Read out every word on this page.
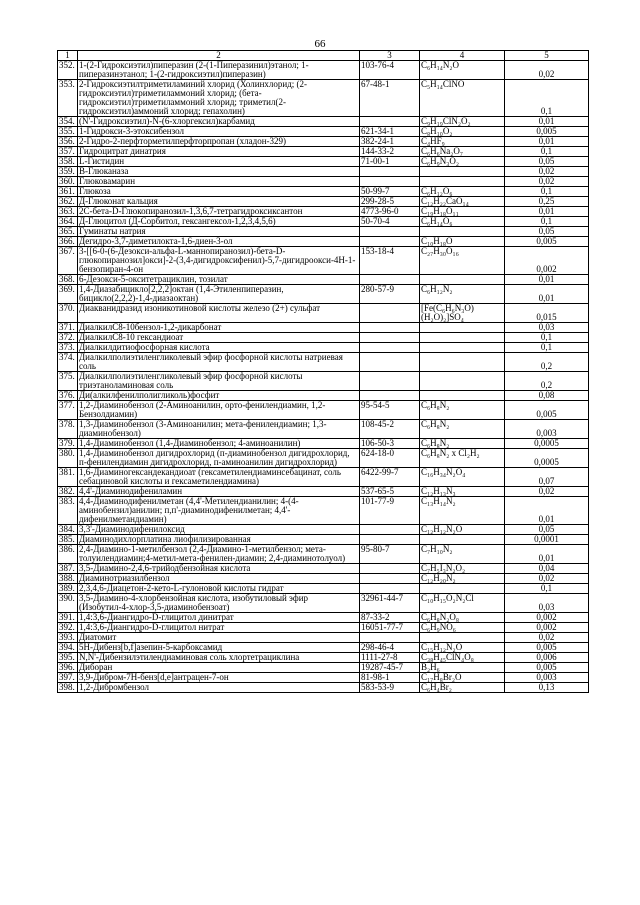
66
1	2	3	4	5
352.	1-(2-Гидроксиэтил)пиперазин (2-(1-Пиперазинил)этанол; 1-пиперазинэтанол; 1-(2-гидроксиэтил)пиперазин)	103-76-4	C₆H₁₄N₂O	0,02
353.	2-Гидроксиэтилтриметиламиний хлорид (Холинхлорид; (2-гидроксиэтил)триметиламмоний хлорид; (бета-гидроксиэтил)триметиламмоний хлорид; триметил(2-гидроксиэтил)аммоний хлорид; гепахолин)	67-48-1	C₅H₁₄ClNO	0,1
354.	(N'-Гидроксиэтил)-N-(6-хлоргексил)карбамид		C₉H₁₉ClN₂O₂	0,01
355.	1-Гидрокси-3-этоксибензол	621-34-1	C₈H₁₀O₂	0,005
356.	2-Гидро-2-перфторметилперфторпропан (хладон-329)	382-24-1	C₄HF₉	0,01
357.	Гидроцитрат динатрия	144-33-2	C₆H₆Na₂O₇	0,1
358.	L-Гистидин	71-00-1	C₆H₉N₃O₂	0,05
359.	В-Глюканаза			0,02
360.	Глюковамарин			0,02
361.	Глюкоза	50-99-7	C₆H₁₂O₆	0,1
362.	Д-Глюконат кальция	299-28-5	C₁₂H₂₂CaO₁₄	0,25
363.	2С-бета-D-Глюкопиранозил-1,3,6,7-тетрагидроксиксантон	4773-96-0	C₁₉H₁₈O₁₁	0,01
364.	Д-Глюцитол (Д-Сорбитол, гексангексол-1,2,3,4,5,6)	50-70-4	C₆H₁₄O₆	0,1
365.	Гуминаты натрия			0,05
366.	Дегидро-3,7-диметилокта-1,6-диен-3-ол		C₁₀H₁₈O	0,005
367.	3-[[6-0-(6-Дезокси-альфа-L-маннопиранозил)-бета-D-глюкопиранозил]окси]-2-(3,4-дигидроксифенил)-5,7-дигидроокси-4Н-1-бензопиран-4-он	153-18-4	C₂₇H₃₀O₁₆	0,002
368.	6-Дезокси-5-окситетрациклин, тозилат			0,01
369.	1,4-Диазабицикло[2,2,2]октан (1,4-Этиленпиперазин, бицикло(2,2,2)-1,4-диазаоктан)	280-57-9	C₆H₁₂N₂	0,01
370.	Диакванидразид изоникотиновой кислоты железо (2+) сульфат		[Fe(C₆H₆N₃O)(H₂O)₂]SO₄	0,015
371.	ДиалкилС8-10бензол-1,2-дикарбонат			0,03
372.	ДиалкилС8-10 гександиоат			0,1
373.	Диалкилдитиофосфорная кислота			0,1
374.	Диалкилполиэтиленгликолевый эфир фосфорной кислоты натриевая соль			0,2
375.	Диалкилполиэтиленгликолевый эфир фосфорной кислоты триэтаноламиновая соль			0,2
376.	Ди(алкилфенилполигликоль)фосфит			0,08
377.	1,2-Диаминобензол (2-Аминоанилин, орто-фенилендиамин, 1,2-Бензолдиамин)	95-54-5	C₆H₈N₂	0,005
378.	1,3-Диаминобензол (3-Аминоанилин; мета-фенилендиамин; 1,3-диаминобензол)	108-45-2	C₆H₈N₂	0,003
379.	1,4-Диаминобензол (1,4-Диаминобензол; 4-аминоанилин)	106-50-3	C₆H₈N₂	0,0005
380.	1,4-Диаминобензол дигидрохлорид (п-диаминобензол дигидрохлорид, п-фенилендиамин дигидрохлорид, п-аминоанилин дигидрохлорид)	624-18-0	C₆H₈N₂ x Cl₂H₂	0,0005
381.	1,6-Диаминогександекандиоат (гексаметилендиаминсебацинат, соль себациновой кислоты и гексаметилендиамина)	6422-99-7	C₁₆H₃₄N₂O₄	0,07
382.	4,4'-Диаминодифениламин	537-65-5	C₁₂H₁₃N₃	0,02
383.	4,4-Диаминодифенилметан (4,4'-Метилендианилин; 4-(4-аминобензил)анилин; п,п'-диаминодифенилметан; 4,4'-дифенилметандиамин)	101-77-9	C₁₃H₁₄N₂	0,01
384.	3,3'-Диаминодифенилоксид		C₁₂H₁₂N₂O	0,05
385.	Диаминодихлорплатина лиофилизированная			0,0001
386.	2,4-Диамино-1-метилбензол (2,4-Диамино-1-метилбензол; мета-толуилендиамин;4-метил-мета-фенилен-диамин; 2,4-диаминотолуол)	95-80-7	C₇H₁₀N₂	0,01
387.	3,5-Диамино-2,4,6-трийодбензойная кислота		C₇H₅I₃N₂O₂	0,04
388.	Диаминотриазилбензол		C₁₂H₂₀N₂	0,02
389.	2,3,4,6-Диацетон-2-кето-L-гулоновой кислоты гидрат			0,1
390.	3,5-Диамино-4-хлорбензойная кислота, изобутиловый эфир (Изобутил-4-хлор-3,5-диаминобензоат)	32961-44-7	C₁₀H₁₅O₂N₂Cl	0,03
391.	1,4:3,6-Диангидро-D-глицитол динитрат	87-33-2	C₆H₈N₂O₈	0,002
392.	1,4:3,6-Диангидро-D-глицитол нитрат	16051-77-7	C₆H₉NO₆	0,002
393.	Диатомит			0,02
394.	5Н-Дибенз[b,f]азепин-5-карбоксамид	298-46-4	C₁₅H₁₂N₂O	0,005
395.	N,N'-Дибензилэтилендиаминовая соль хлортетрациклина	1111-27-8	C₃₈H₄₅ClN₄O₈	0,006
396.	Диборан	19287-45-7	B₂H₆	0,005
397.	3,9-Дибром-7Н-бенз[d,e]антрацен-7-он	81-98-1	C₁₇H₈Br₂O	0,003
398.	1,2-Дибромбензол	583-53-9	C₆H₄Br₂	0,13
